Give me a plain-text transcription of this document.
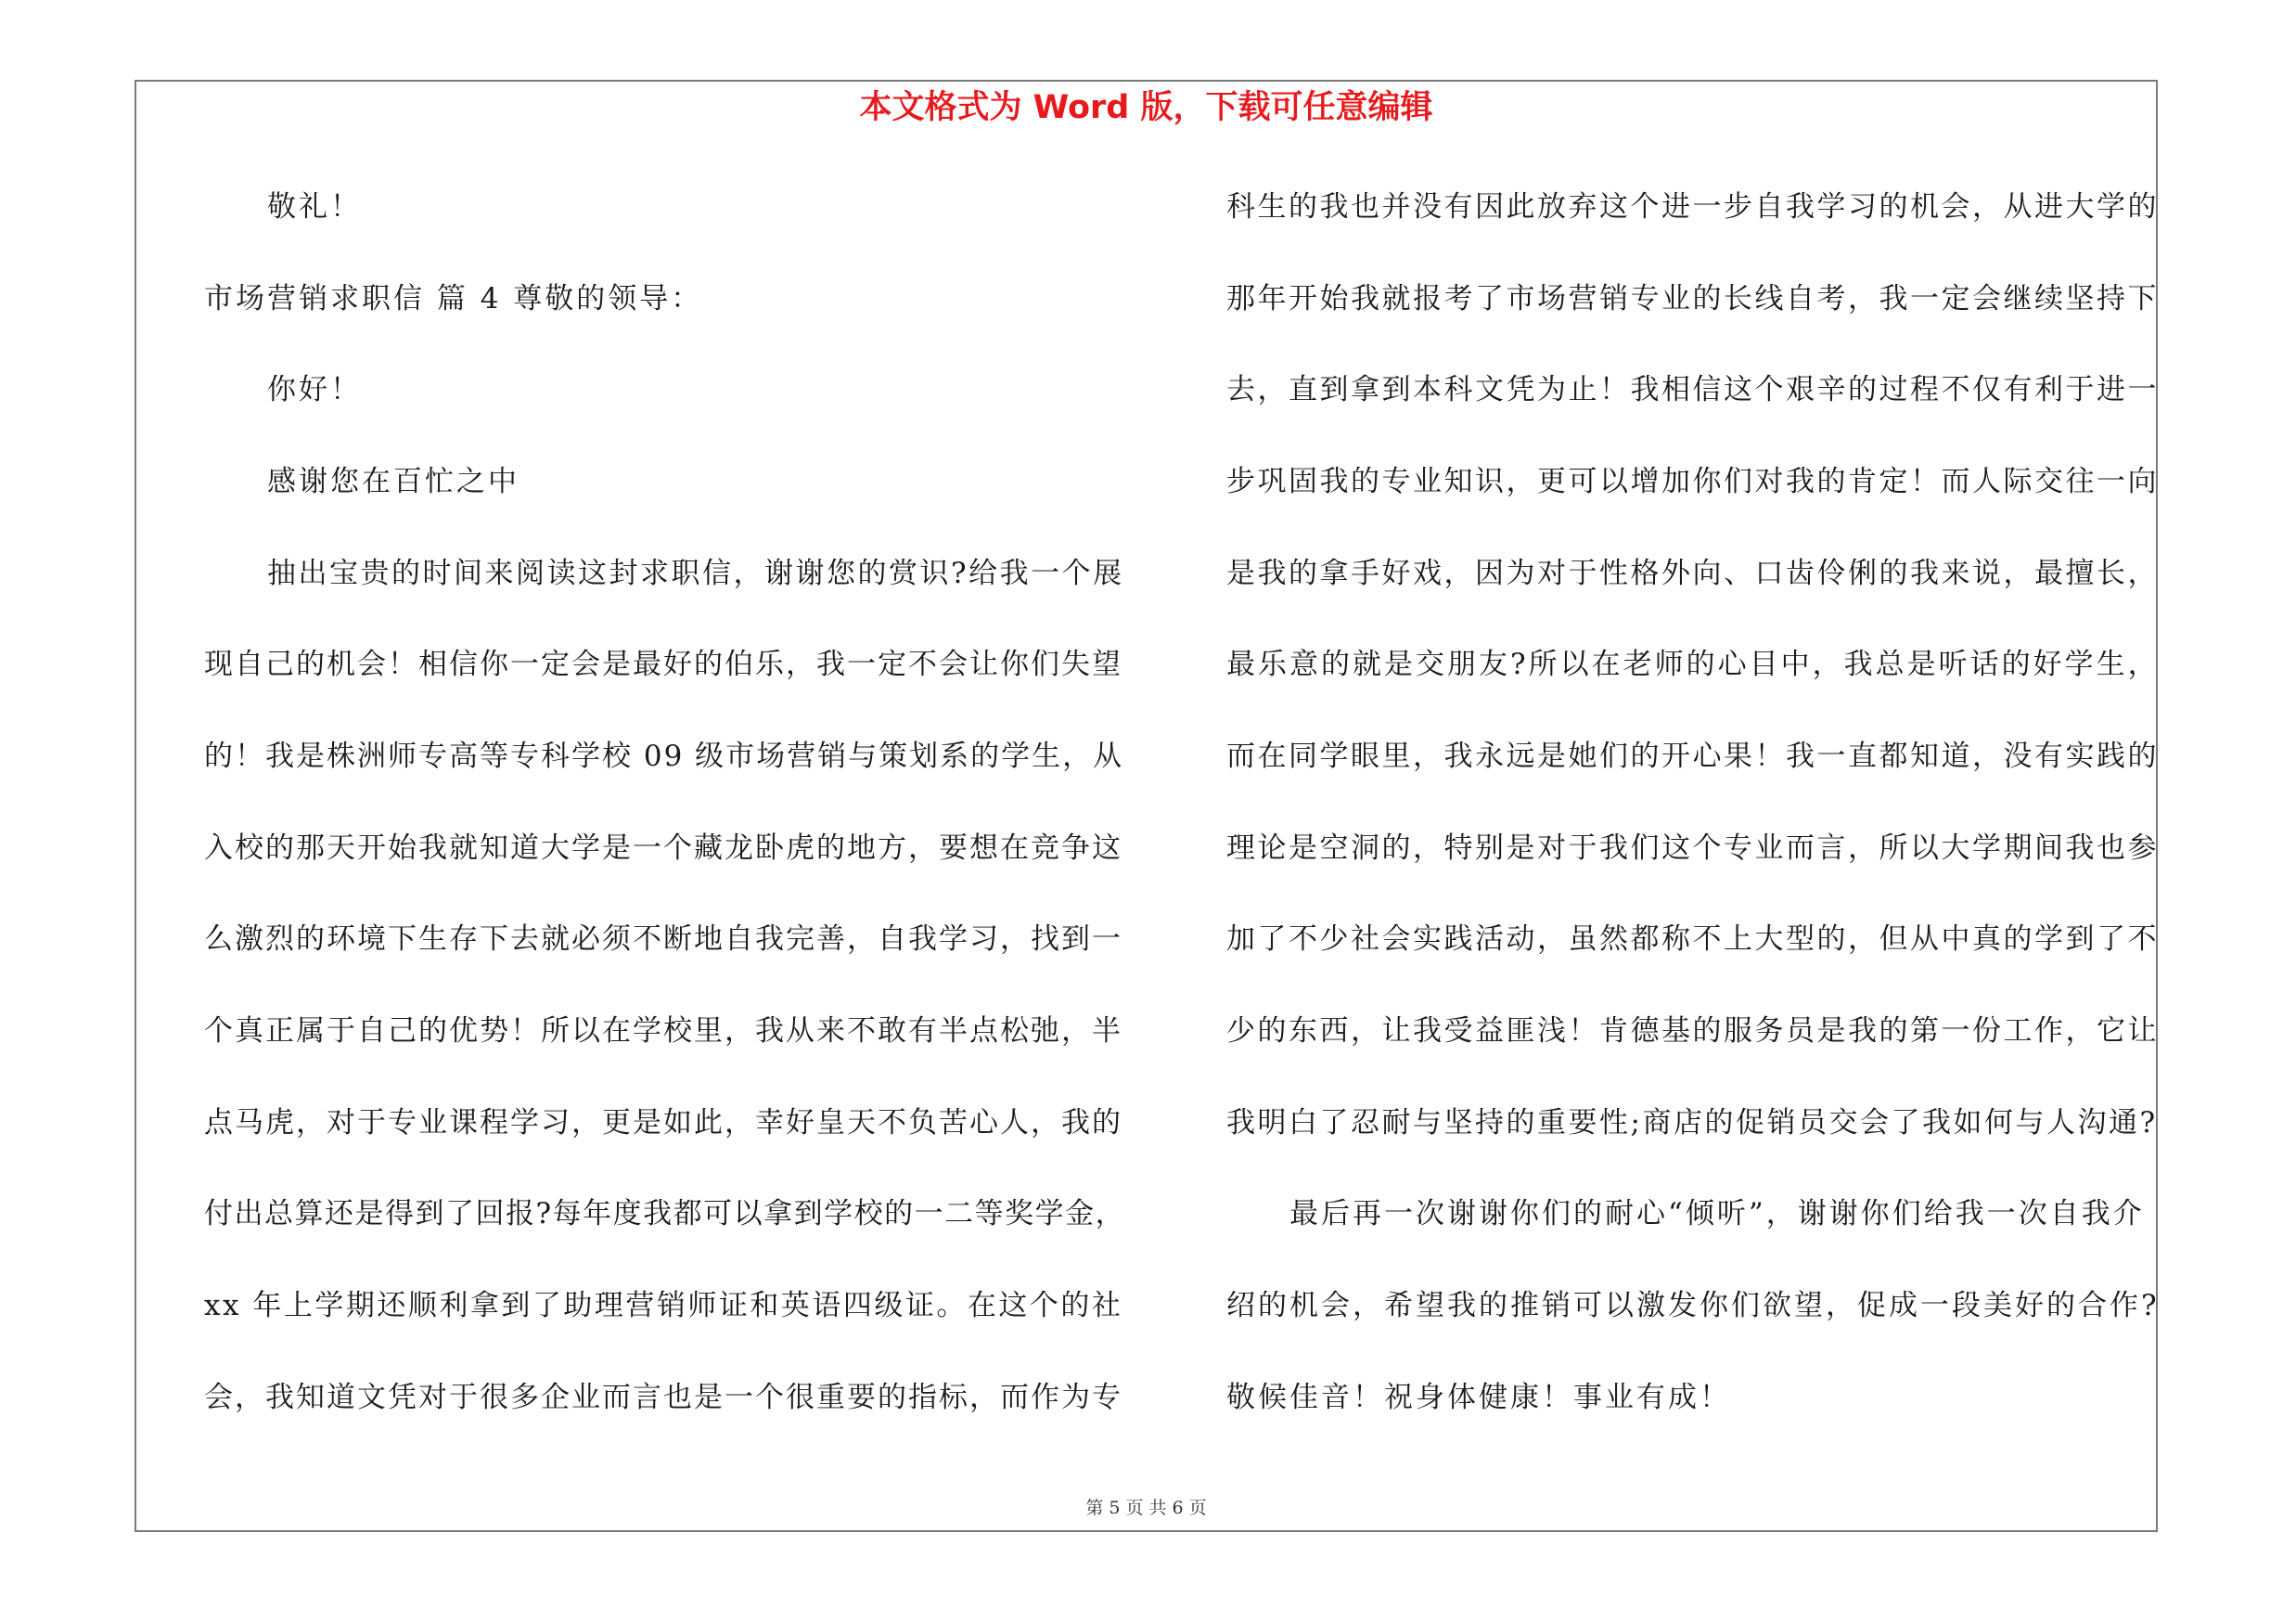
本文格式为 Word 版，下载可任意编辑
敬礼！
市场营销求职信 篇 4 尊敬的领导：
你好！
感谢您在百忙之中
抽出宝贵的时间来阅读这封求职信，谢谢您的赏识?给我一个展
现自己的机会！相信你一定会是最好的伯乐，我一定不会让你们失望
的！我是株洲师专高等专科学校 09 级市场营销与策划系的学生，从
入校的那天开始我就知道大学是一个藏龙卧虎的地方，要想在竞争这
么激烈的环境下生存下去就必须不断地自我完善，自我学习，找到一
个真正属于自己的优势！所以在学校里，我从来不敢有半点松弛，半
点马虎，对于专业课程学习，更是如此，幸好皇天不负苦心人，我的
付出总算还是得到了回报?每年度我都可以拿到学校的一二等奖学金，
xx 年上学期还顺利拿到了助理营销师证和英语四级证。在这个的社
会，我知道文凭对于很多企业而言也是一个很重要的指标，而作为专
科生的我也并没有因此放弃这个进一步自我学习的机会，从进大学的
那年开始我就报考了市场营销专业的长线自考，我一定会继续坚持下
去，直到拿到本科文凭为止！我相信这个艰辛的过程不仅有利于进一
步巩固我的专业知识，更可以增加你们对我的肯定！而人际交往一向
是我的拿手好戏，因为对于性格外向、口齿伶俐的我来说，最擅长，
最乐意的就是交朋友?所以在老师的心目中，我总是听话的好学生，
而在同学眼里，我永远是她们的开心果！我一直都知道，没有实践的
理论是空洞的，特别是对于我们这个专业而言，所以大学期间我也参
加了不少社会实践活动，虽然都称不上大型的，但从中真的学到了不
少的东西，让我受益匪浅！肯德基的服务员是我的第一份工作，它让
我明白了忍耐与坚持的重要性;商店的促销员交会了我如何与人沟通?
最后再一次谢谢你们的耐心“倾听”，谢谢你们给我一次自我介
绍的机会，希望我的推销可以激发你们欲望，促成一段美好的合作?
敬候佳音！祝身体健康！事业有成！
第 5 页 共 6 页
